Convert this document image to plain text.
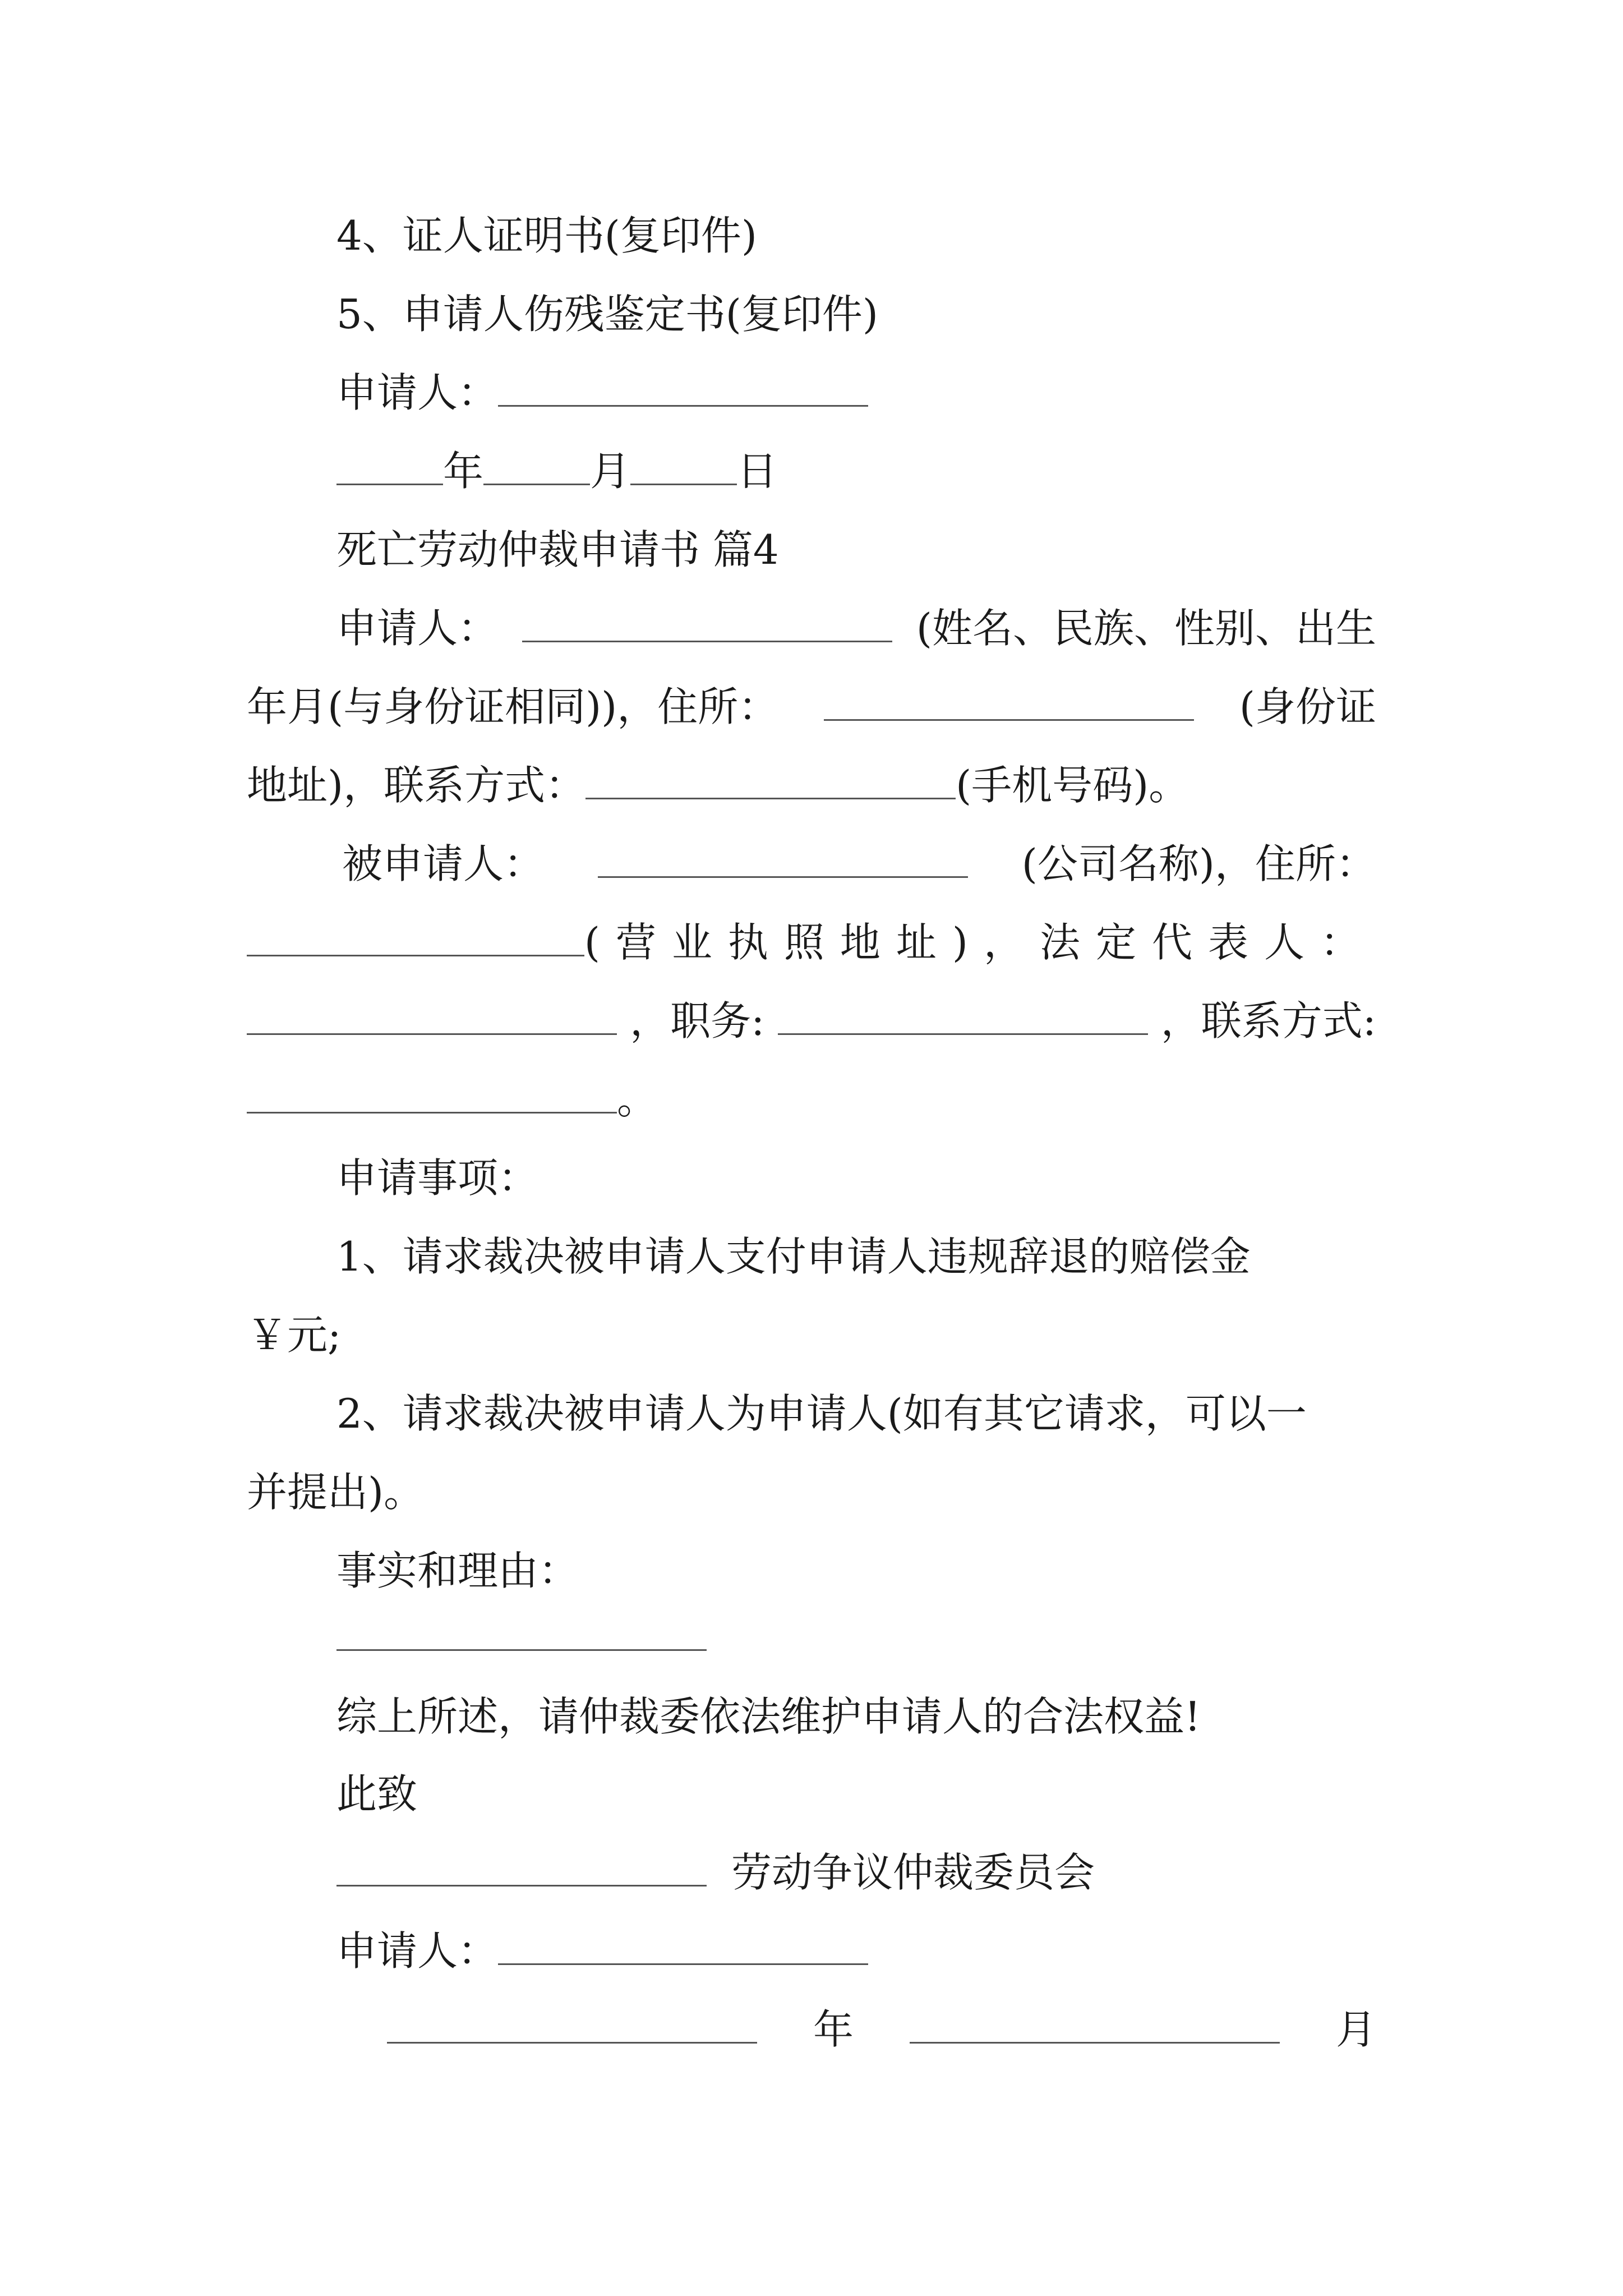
4、证人证明书(复印件)
5、申请人伤残鉴定书(复印件)
申请人：
年	月	日
死亡劳动仲裁申请书 篇4
申请人：	(姓名、民族、性别、出生
年月(与身份证相同))，住所：	(身份证
地址)，联系方式：	(手机号码)。
被申请人：	(公司名称)，住所：
(营业执照地址)，法定代表人：
，职务:	，联系方式:
。
申请事项：
1、请求裁决被申请人支付申请人违规辞退的赔偿金
￥元;
2、请求裁决被申请人为申请人(如有其它请求，可以一
并提出)。
事实和理由：
综上所述，请仲裁委依法维护申请人的合法权益!
此致
劳动争议仲裁委员会
申请人：
年	月
